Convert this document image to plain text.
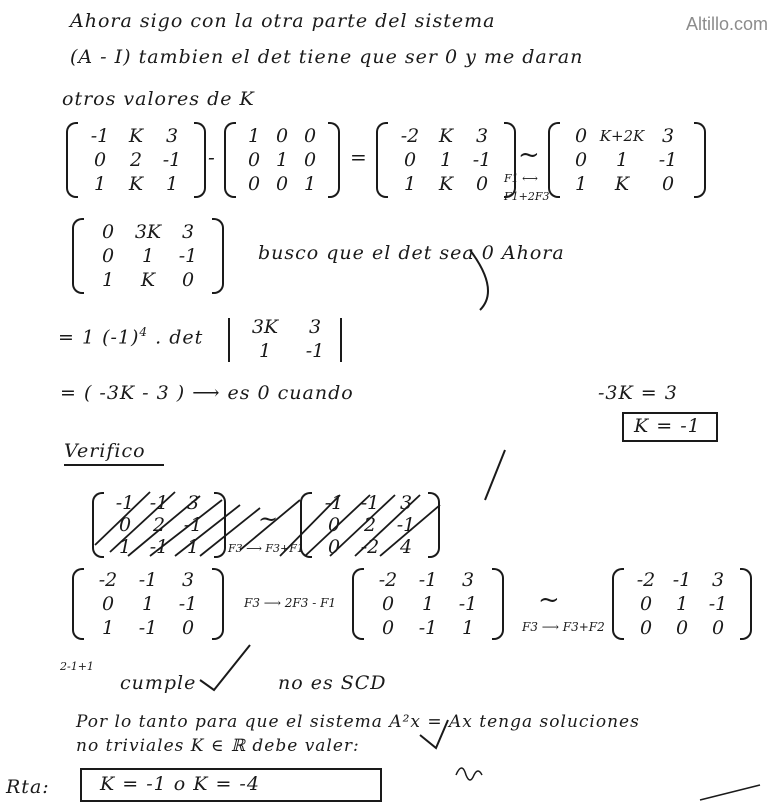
Altillo.com
Ahora sigo con la otra parte del sistema
(A - I) tambien el det tiene que ser 0 y me daran
otros valores de K
-1	K	3
0	2	-1
1	K	1
-
1 0 0
0 1 0
0 0 1
=
-2	K	3
0	1	-1
1	K	0
~
F1 ⟷
F1+2F3
0 K+2K 3
0	1	-1
1	K	0
0	3K	3
0	1	-1
1	K	0
busco que el det sea 0 Ahora
= 1 $(-1)^4$ . det	3K	3
1	-1
= ( -3K - 3 ) ⟶ es 0 cuando	-3K = 3
K = -1
Verifico
-1 -1 3
0	2 -1
1 -1 1	F3 ⟶ F3+F1
~
-1 -1	3
0	2	-1
0	-2	4
-2	-1	3
0	1	-1
1	-1	0
F3 ⟶ 2F3 - F1
-2	-1	3
0	1	-1
0	-1	1
~
F3 ⟶ F3+F2
-2 -1	3
0	1	-1
0	0	0
2-1+1
cumple	no es SCD
Por lo tanto para que el sistema A²x = Ax tenga soluciones
no triviales K ∈ ℝ debe valer:
Rta:	K = -1 o K = -4
